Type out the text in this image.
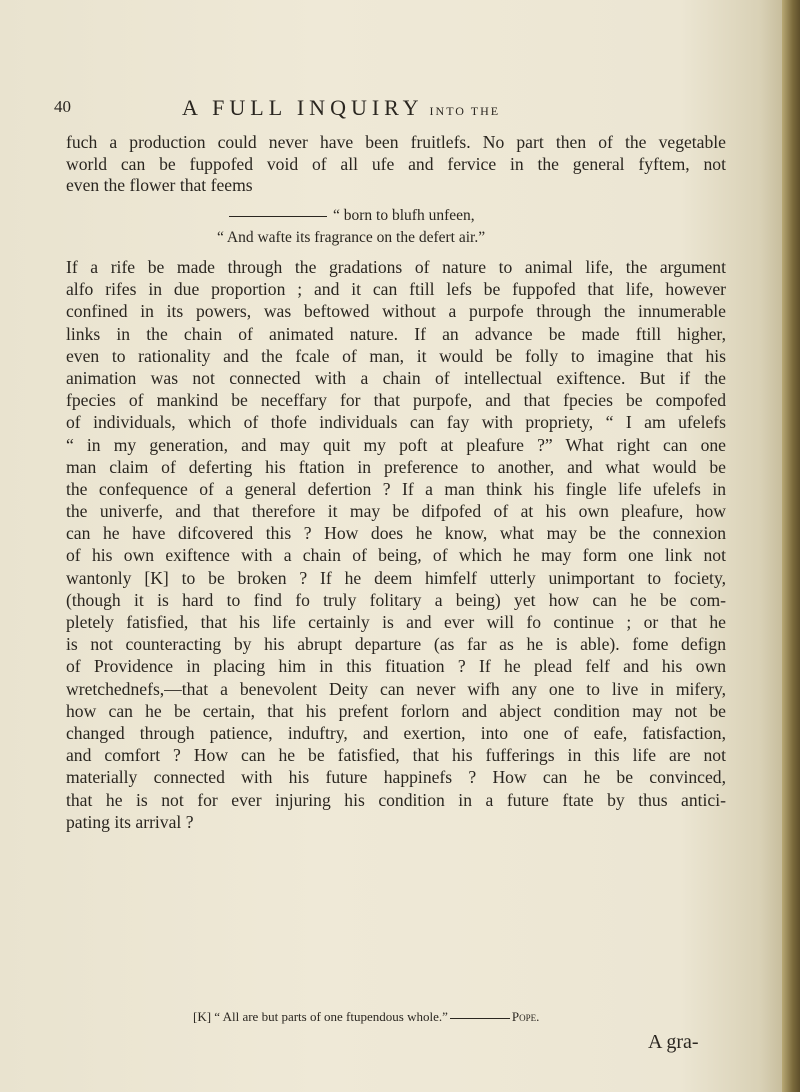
40	A FULL INQUIRY INTO THE
fuch a production could never have been fruitlefs. No part then of the vegetable
world can be fuppofed void of all ufe and fervice in the general fyftem, not
even the flower that feems
“ born to blufh unfeen,
“ And wafte its fragrance on the defert air.”
If a rife be made through the gradations of nature to animal life, the argument
alfo rifes in due proportion ; and it can ftill lefs be fuppofed that life, however
confined in its powers, was beftowed without a purpofe through the innumerable
links in the chain of animated nature. If an advance be made ftill higher,
even to rationality and the fcale of man, it would be folly to imagine that his
animation was not connected with a chain of intellectual exiftence. But if the
fpecies of mankind be neceffary for that purpofe, and that fpecies be compofed
of individuals, which of thofe individuals can fay with propriety, “ I am ufelefs
“ in my generation, and may quit my poft at pleafure ?” What right can one
man claim of deferting his ftation in preference to another, and what would be
the confequence of a general defertion ? If a man think his fingle life ufelefs in
the univerfe, and that therefore it may be difpofed of at his own pleafure, how
can he have difcovered this ? How does he know, what may be the connexion
of his own exiftence with a chain of being, of which he may form one link not
wantonly [K] to be broken ? If he deem himfelf utterly unimportant to fociety,
(though it is hard to find fo truly folitary a being) yet how can he be com-
pletely fatisfied, that his life certainly is and ever will fo continue ; or that he
is not counteracting by his abrupt departure (as far as he is able). fome defign
of Providence in placing him in this fituation ? If he plead felf and his own
wretchednefs,—that a benevolent Deity can never wifh any one to live in mifery,
how can he be certain, that his prefent forlorn and abject condition may not be
changed through patience, induftry, and exertion, into one of eafe, fatisfaction,
and comfort ? How can he be fatisfied, that his fufferings in this life are not
materially connected with his future happinefs ? How can he be convinced,
that he is not for ever injuring his condition in a future ftate by thus antici-
pating its arrival ?
[K] “ All are but parts of one ftupendous whole.”	Pope.
A gra-
